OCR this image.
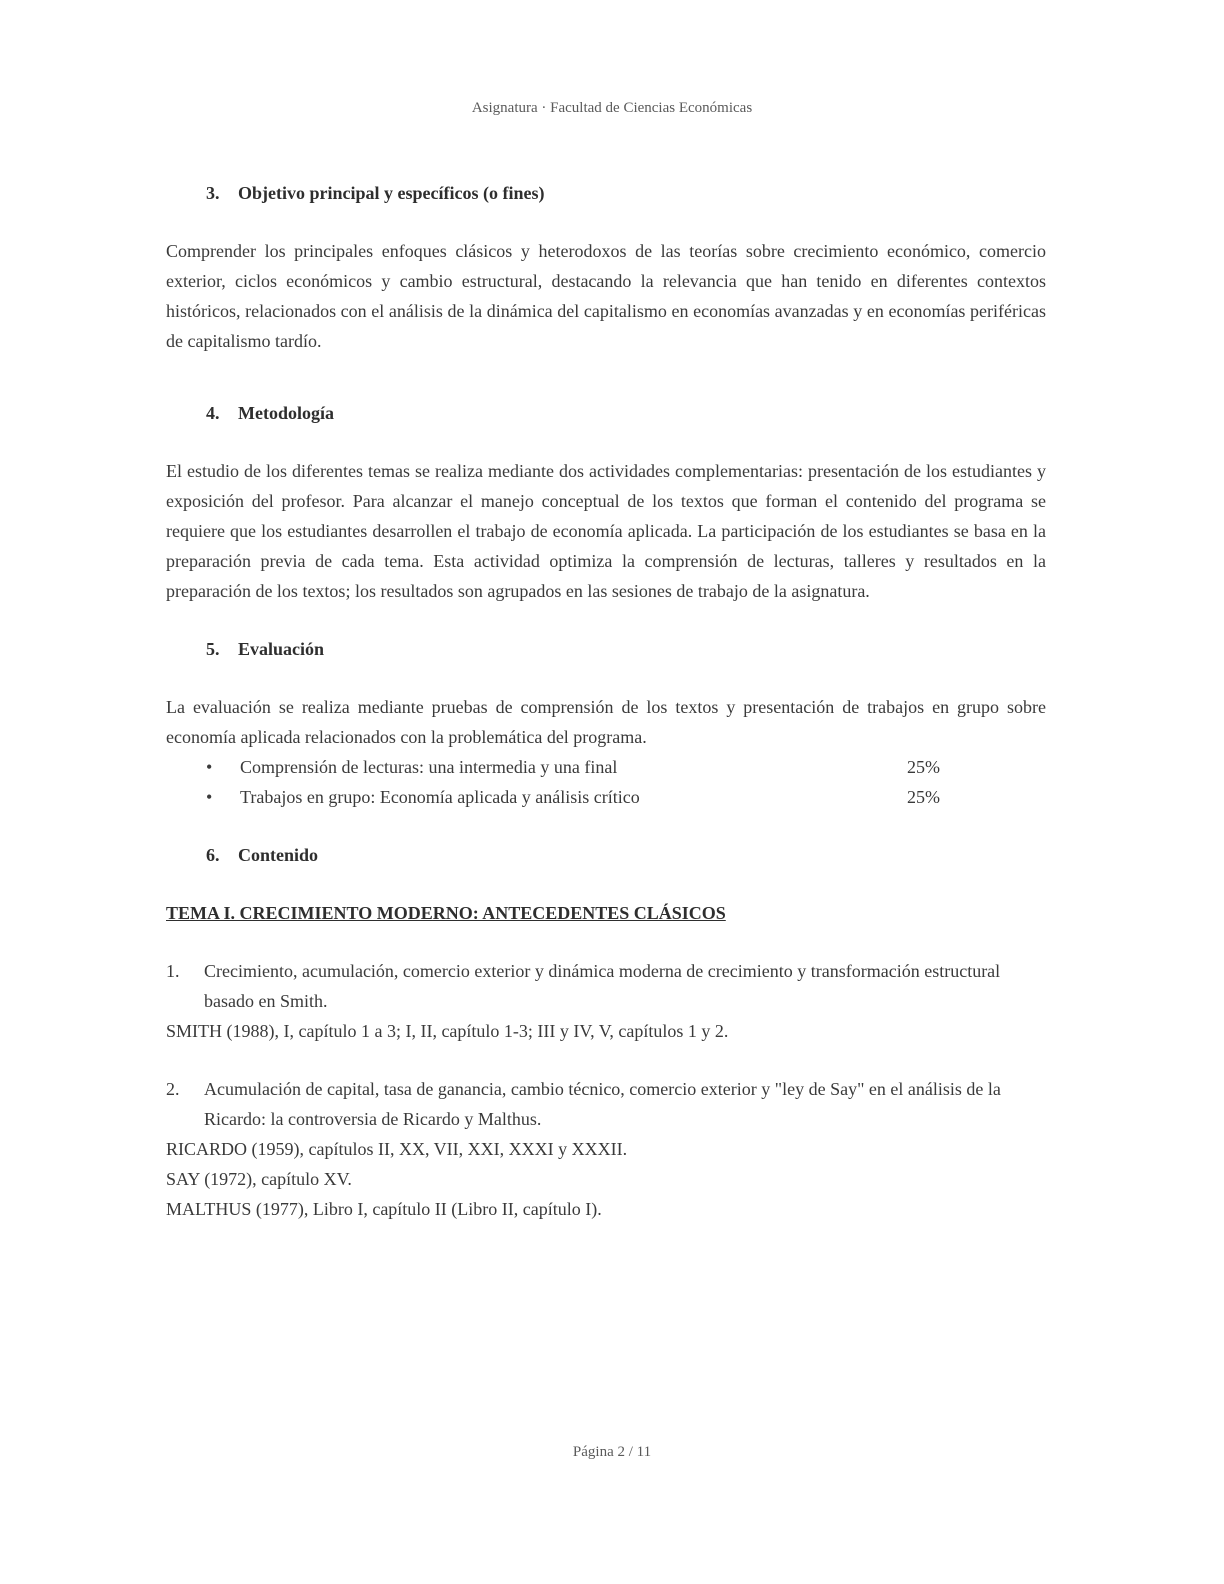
Asignatura · Facultad de Ciencias Económicas
3.	Objetivo principal y específicos (o fines)

Comprender los principales enfoques clásicos y heterodoxos de las teorías sobre crecimiento económico, comercio exterior, ciclos económicos y cambio estructural, destacando la relevancia que han tenido en diferentes contextos históricos, relacionados con el análisis de la dinámica del capitalismo en economías avanzadas y en economías periféricas de capitalismo tardío.

4.	Metodología

El estudio de los diferentes temas se realiza mediante dos actividades complementarias: presentación de los estudiantes y exposición del profesor. Para alcanzar el manejo conceptual de los textos que forman el contenido del programa se requiere que los estudiantes desarrollen el trabajo de economía aplicada. La participación de los estudiantes se basa en la preparación previa de cada tema. Esta actividad optimiza la comprensión de lecturas, talleres y resultados en la preparación de los textos; los resultados son agrupados en las sesiones de trabajo de la asignatura.

5.	Evaluación

La evaluación se realiza mediante pruebas de comprensión de los textos y presentación de trabajos en grupo sobre economía aplicada relacionados con la problemática del programa.

•	Comprensión de lecturas: una intermedia y una final	25%
•	Trabajos en grupo: Economía aplicada y análisis crítico	25%
6.	Contenido
TEMA I. CRECIMIENTO MODERNO: ANTECEDENTES CLÁSICOS
1.	Crecimiento, acumulación, comercio exterior y dinámica moderna de crecimiento y transformación estructural basado en Smith.

SMITH (1988), I, capítulo 1 a 3; I, II, capítulo 1-3; III y IV, V, capítulos 1 y 2.

2.	Acumulación de capital, tasa de ganancia, cambio técnico, comercio exterior y "ley de Say" en el análisis de la Ricardo: la controversia de Ricardo y Malthus.

RICARDO (1959), capítulos II, XX, VII, XXI, XXXI y XXXII.

SAY (1972), capítulo XV.

MALTHUS (1977), Libro I, capítulo II (Libro II, capítulo I).

Página 2 / 11
